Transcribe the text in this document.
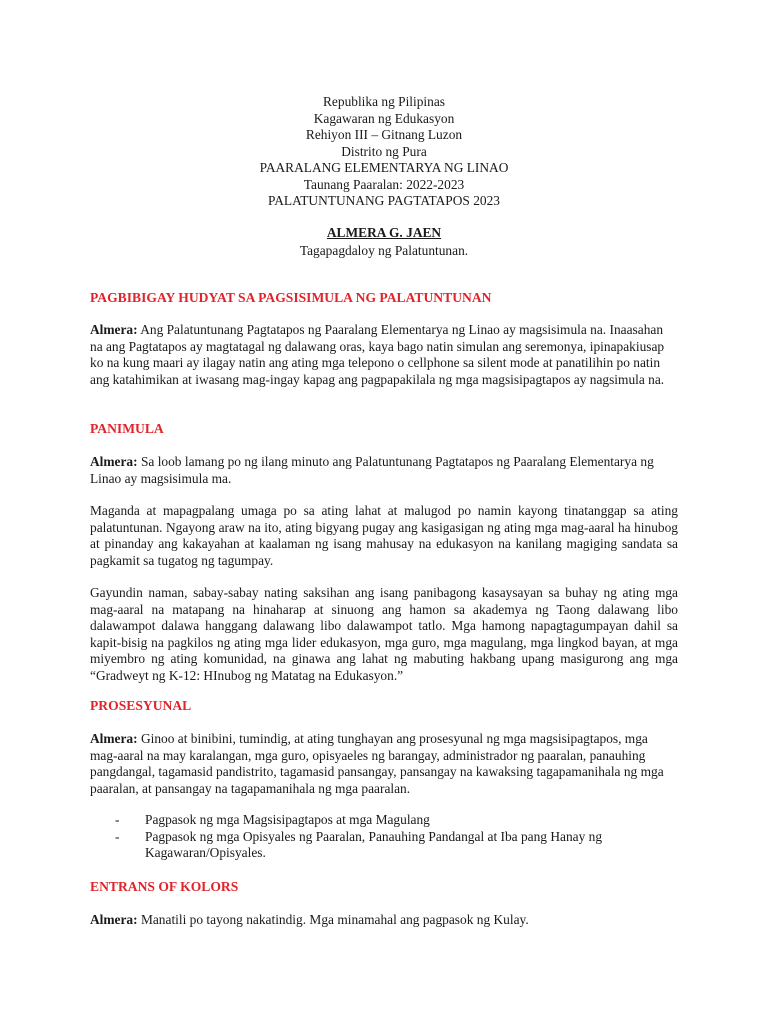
Republika ng Pilipinas
Kagawaran ng Edukasyon
Rehiyon III – Gitnang Luzon
Distrito ng Pura
PAARALANG ELEMENTARYA NG LINAO
Taunang Paaralan: 2022-2023
PALATUNTUNANG PAGTATAPOS 2023
ALMERA G. JAEN
Tagapagdaloy ng Palatuntunan.
PAGBIBIGAY HUDYAT SA PAGSISIMULA NG PALATUNTUNAN

Almera: Ang Palatuntunang Pagtatapos ng Paaralang Elementarya ng Linao ay magsisimula na. Inaasahan na ang Pagtatapos ay magtatagal ng dalawang oras, kaya bago natin simulan ang seremonya, ipinapakiusap ko na kung maari ay ilagay natin ang ating mga telepono o cellphone sa silent mode at panatilihin po natin ang katahimikan at iwasang mag-ingay kapag ang pagpapakilala ng mga magsisipagtapos ay nagsimula na.

PANIMULA

Almera: Sa loob lamang po ng ilang minuto ang Palatuntunang Pagtatapos ng Paaralang Elementarya ng Linao ay magsisimula ma.

Maganda at mapagpalang umaga po sa ating lahat at malugod po namin kayong tinatanggap sa ating palatuntunan. Ngayong araw na ito, ating bigyang pugay ang kasigasigan ng ating mga mag-aaral ha hinubog at pinanday ang kakayahan at kaalaman ng isang mahusay na edukasyon na kanilang magiging sandata sa pagkamit sa tugatog ng tagumpay.

Gayundin naman, sabay-sabay nating saksihan ang isang panibagong kasaysayan sa buhay ng ating mga mag-aaral na matapang na hinaharap at sinuong ang hamon sa akademya ng Taong dalawang libo dalawampot dalawa hanggang dalawang libo dalawampot tatlo. Mga hamong napagtagumpayan dahil sa kapit-bisig na pagkilos ng ating mga lider edukasyon, mga guro, mga magulang, mga lingkod bayan, at mga miyembro ng ating komunidad, na ginawa ang lahat ng mabuting hakbang upang masigurong ang mga “Gradweyt ng K-12: HInubog ng Matatag na Edukasyon.”

PROSESYUNAL

Almera: Ginoo at binibini, tumindig, at ating tunghayan ang prosesyunal ng mga magsisipagtapos, mga mag-aaral na may karalangan, mga guro, opisyaeles ng barangay, administrador ng paaralan, panauhing pangdangal, tagamasid pandistrito, tagamasid pansangay, pansangay na kawaksing tagapamanihala ng mga paaralan, at pansangay na tagapamanihala ng mga paaralan.

-	Pagpasok ng mga Magsisipagtapos at mga Magulang
-	Pagpasok ng mga Opisyales ng Paaralan, Panauhing Pandangal at Iba pang Hanay ng Kagawaran/Opisyales.
ENTRANS OF KOLORS

Almera: Manatili po tayong nakatindig. Mga minamahal ang pagpasok ng Kulay.
